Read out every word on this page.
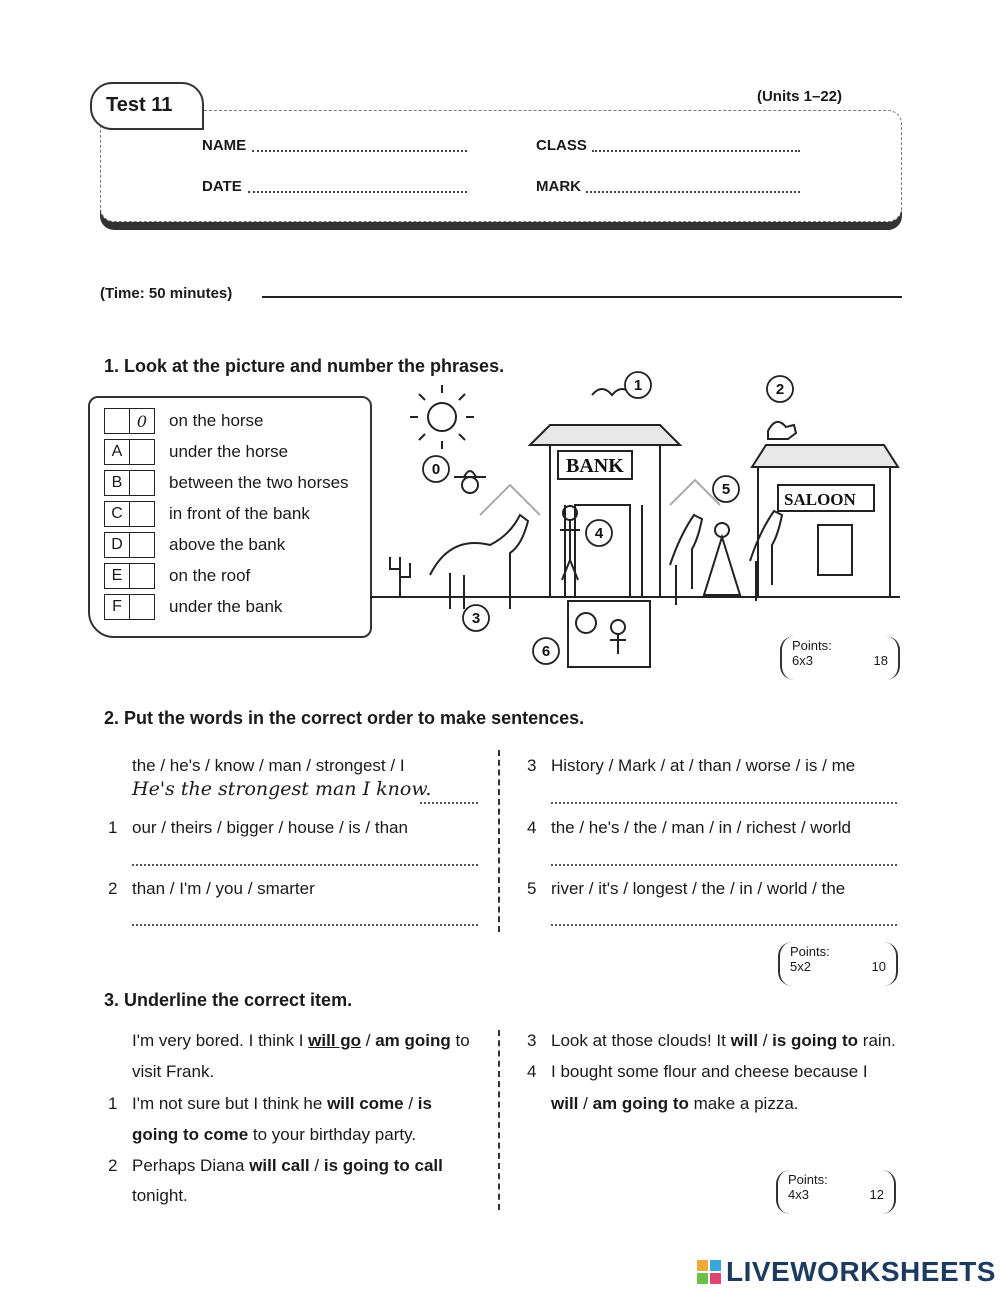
Test 11	(Units 1–22)
NAME	CLASS
DATE	MARK
(Time: 50 minutes)
1. Look at the picture and number the phrases.
0	on the horse
A	under the horse
B	between the two horses
C	in front of the bank
D	above the bank
E	on the roof
F	under the bank
BANK
SALOON
0
1	2
3
4
5
6	Points:
6x3	18
2. Put the words in the correct order to make sentences.
the / he's / know / man / strongest / I
He's the strongest man I know.
1 our / theirs / bigger / house / is / than
2 than / I'm / you / smarter
3 History / Mark / at / than / worse / is / me
4 the / he's / the / man / in / richest / world
5 river / it's / longest / the / in / world / the
Points:
5x2	10
3. Underline the correct item.
I'm very bored. I think I will go / am going to
visit Frank.
1 I'm not sure but I think he will come / is
going to come to your birthday party.
2 Perhaps Diana will call / is going to call
tonight.
3 Look at those clouds! It will / is going to rain.
4 I bought some flour and cheese because I
will / am going to make a pizza.
Points:
4x3	12
LIVEWORKSHEETS
